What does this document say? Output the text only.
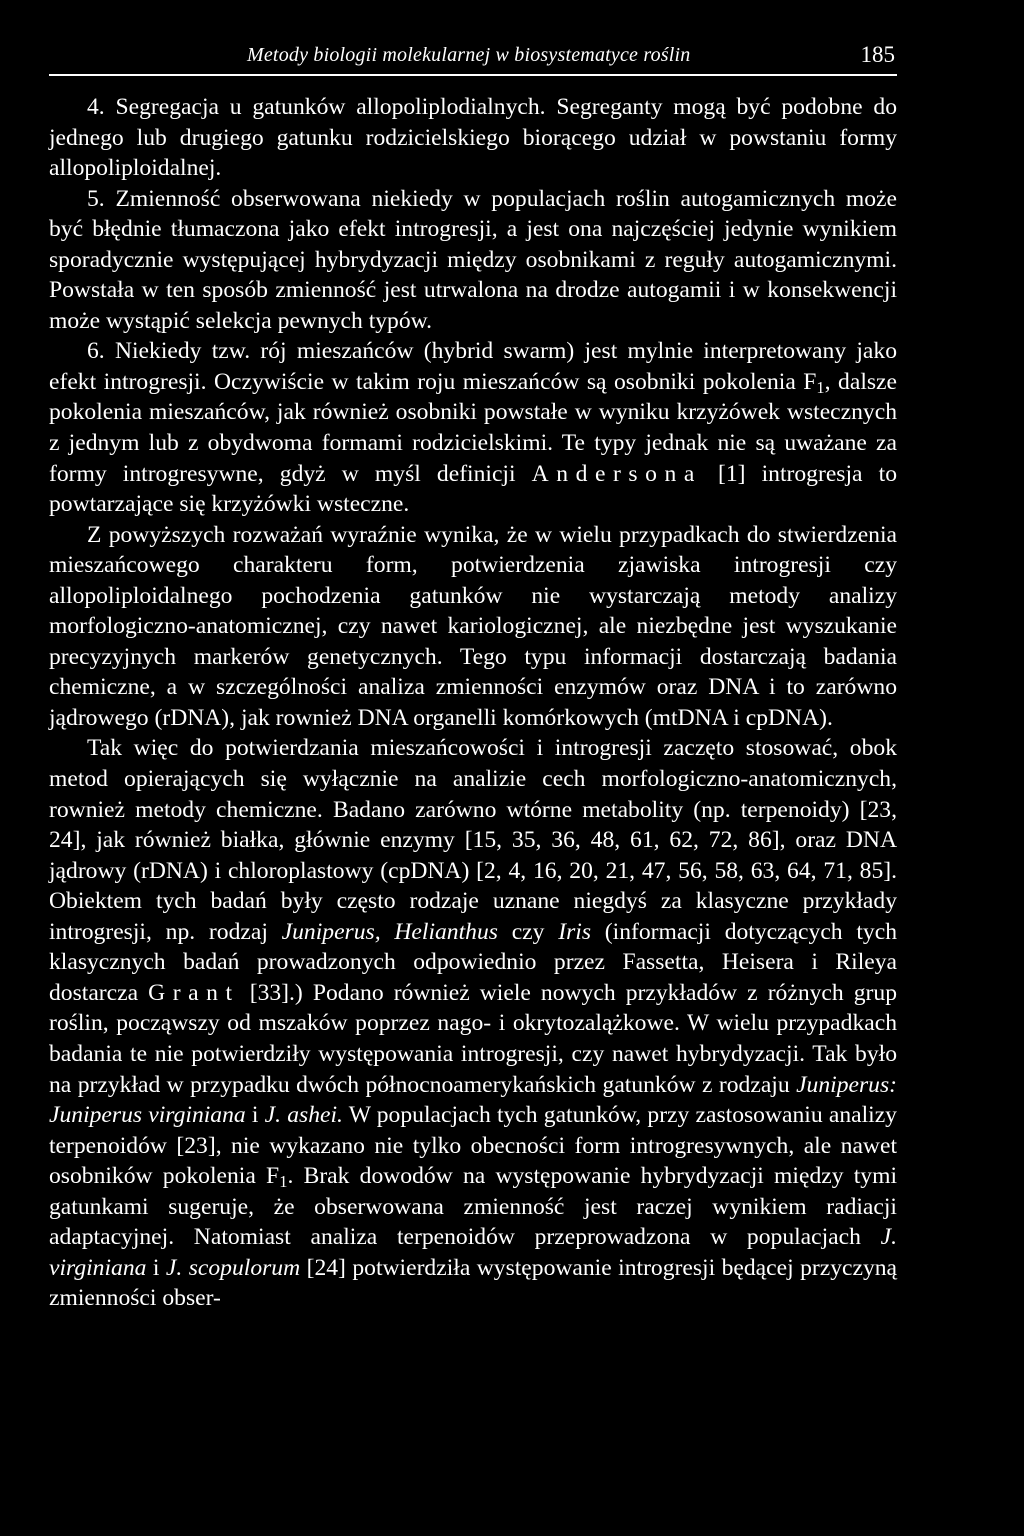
Metody biologii molekularnej w biosystematyce roślin	185

4. Segregacja u gatunków allopoliplodialnych. Segreganty mogą być podobne do jednego lub drugiego gatunku rodzicielskiego biorącego udział w powstaniu formy allopoliploidalnej.

5. Zmienność obserwowana niekiedy w populacjach roślin autogamicznych może być błędnie tłumaczona jako efekt introgresji, a jest ona najczęściej jedynie wynikiem sporadycznie występującej hybrydyzacji między osobnikami z reguły autogamicznymi. Powstała w ten sposób zmienność jest utrwalona na drodze autogamii i w konsekwencji może wystąpić selekcja pewnych typów.

6. Niekiedy tzw. rój mieszańców (hybrid swarm) jest mylnie interpretowany jako efekt introgresji. Oczywiście w takim roju mieszańców są osobniki pokolenia $F_1$, dalsze pokolenia mieszańców, jak również osobniki powstałe w wyniku krzyżówek wstecznych z jednym lub z obydwoma formami rodzicielskimi. Te typy jednak nie są uważane za formy introgresywne, gdyż w myśl definicji Andersona [1] introgresja to powtarzające się krzyżówki wsteczne.

Z powyższych rozważań wyraźnie wynika, że w wielu przypadkach do stwierdzenia mieszańcowego charakteru form, potwierdzenia zjawiska introgresji czy allopoliploidalnego pochodzenia gatunków nie wystarczają metody analizy morfologiczno-anatomicznej, czy nawet kariologicznej, ale niezbędne jest wyszukanie precyzyjnych markerów genetycznych. Tego typu informacji dostarczają badania chemiczne, a w szczególności analiza zmienności enzymów oraz DNA i to zarówno jądrowego (rDNA), jak rownież DNA organelli komórkowych (mtDNA i cpDNA).

Tak więc do potwierdzania mieszańcowości i introgresji zaczęto stosować, obok metod opierających się wyłącznie na analizie cech morfologiczno-anatomicznych, rownież metody chemiczne. Badano zarówno wtórne metabolity (np. terpenoidy) [23, 24], jak również białka, głównie enzymy [15, 35, 36, 48, 61, 62, 72, 86], oraz DNA jądrowy (rDNA) i chloroplastowy (cpDNA) [2, 4, 16, 20, 21, 47, 56, 58, 63, 64, 71, 85]. Obiektem tych badań były często rodzaje uznane niegdyś za klasyczne przykłady introgresji, np. rodzaj Juniperus, Helianthus czy Iris (informacji dotyczących tych klasycznych badań prowadzonych odpowiednio przez Fassetta, Heisera i Rileya dostarcza Grant [33].) Podano również wiele nowych przykładów z różnych grup roślin, począwszy od mszaków poprzez nago- i okrytozalążkowe. W wielu przypadkach badania te nie potwierdziły występowania introgresji, czy nawet hybrydyzacji. Tak było na przykład w przypadku dwóch północnoamerykańskich gatunków z rodzaju Juniperus: Juniperus virginiana i J. ashei. W populacjach tych gatunków, przy zastosowaniu analizy terpenoidów [23], nie wykazano nie tylko obecności form introgresywnych, ale nawet osobników pokolenia $F_1$. Brak dowodów na występowanie hybrydyzacji między tymi gatunkami sugeruje, że obserwowana zmienność jest raczej wynikiem radiacji adaptacyjnej. Natomiast analiza terpenoidów przeprowadzona w populacjach J. virginiana i J. scopulorum [24] potwierdziła występowanie introgresji będącej przyczyną zmienności obser-
